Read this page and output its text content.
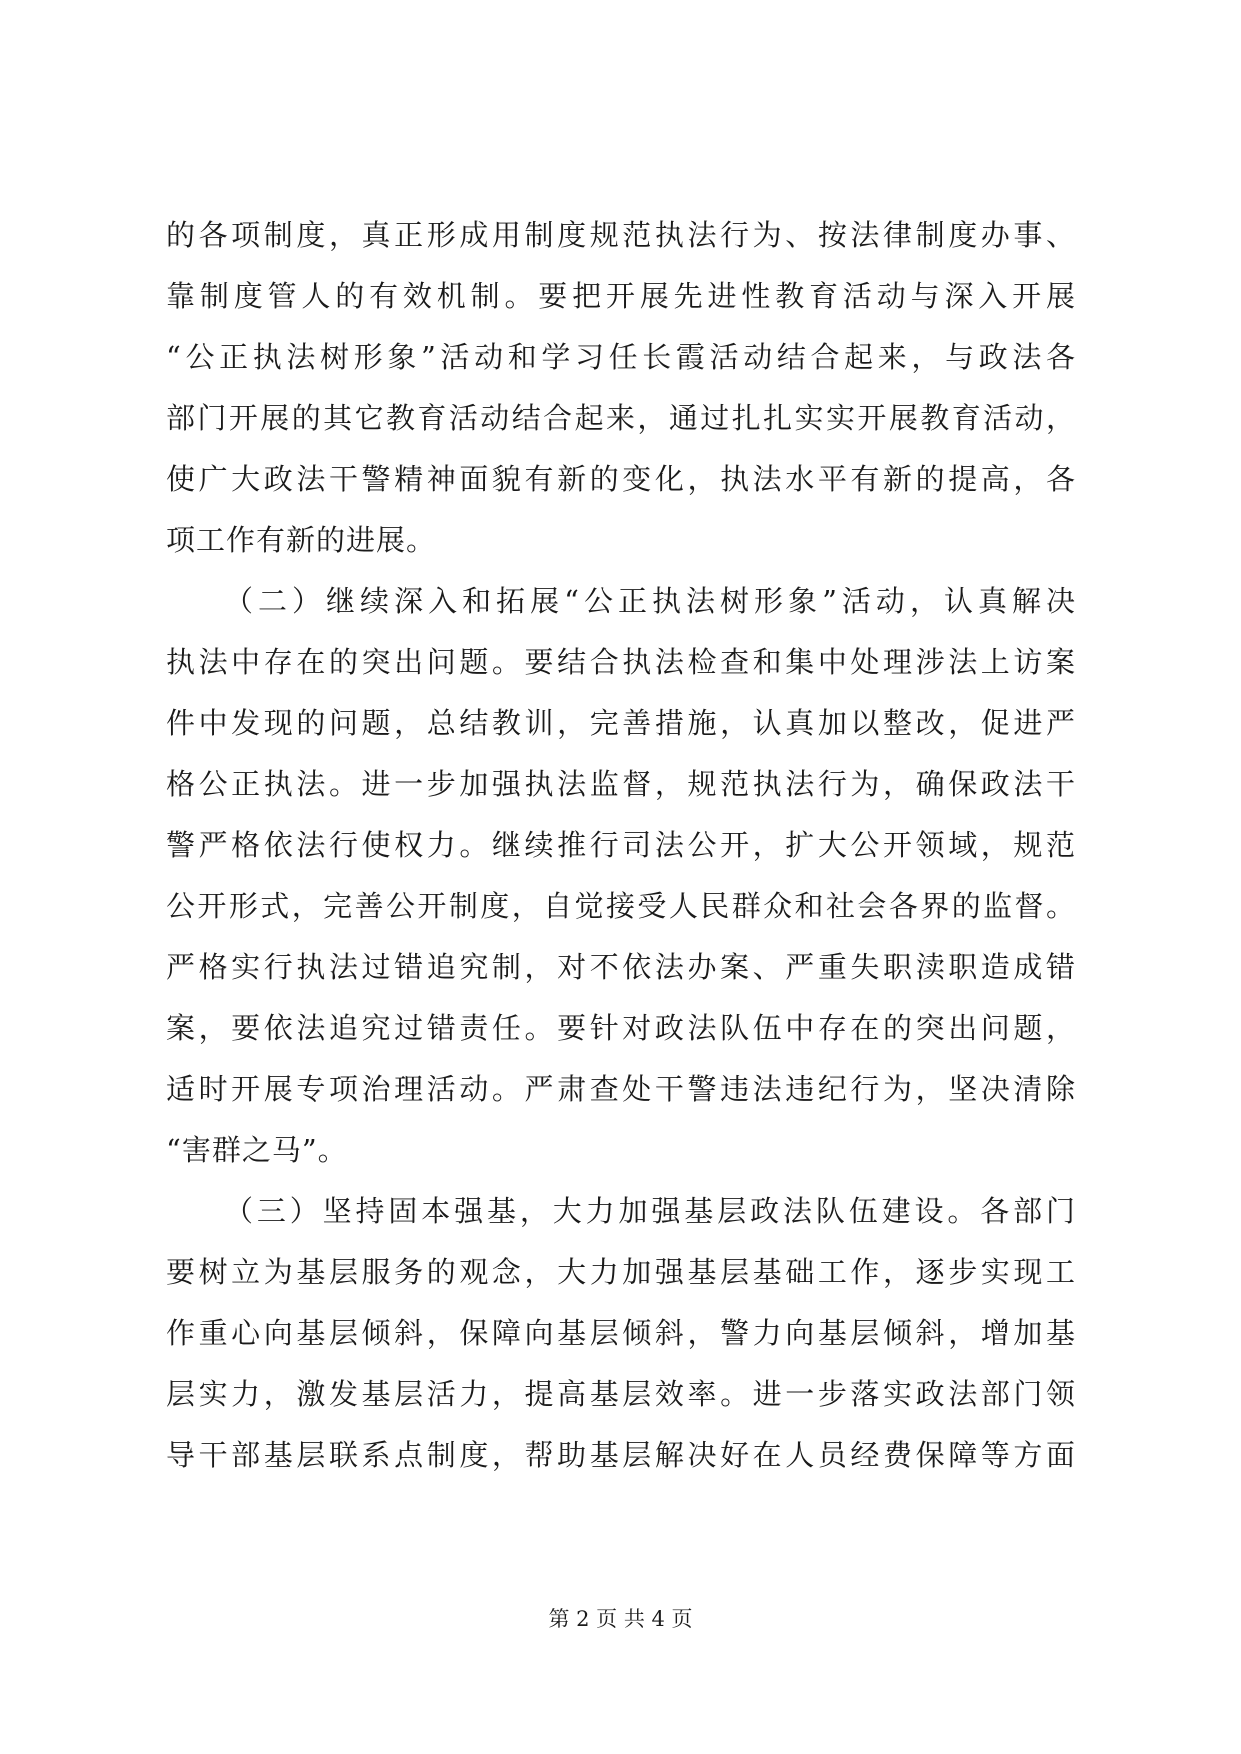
的各项制度，真正形成用制度规范执法行为、按法律制度办事、
靠制度管人的有效机制。要把开展先进性教育活动与深入开展
“公正执法树形象”活动和学习任长霞活动结合起来，与政法各
部门开展的其它教育活动结合起来，通过扎扎实实开展教育活动，
使广大政法干警精神面貌有新的变化，执法水平有新的提高，各
项工作有新的进展。
（二）继续深入和拓展“公正执法树形象”活动，认真解决
执法中存在的突出问题。要结合执法检查和集中处理涉法上访案
件中发现的问题，总结教训，完善措施，认真加以整改，促进严
格公正执法。进一步加强执法监督，规范执法行为，确保政法干
警严格依法行使权力。继续推行司法公开，扩大公开领域，规范
公开形式，完善公开制度，自觉接受人民群众和社会各界的监督。
严格实行执法过错追究制，对不依法办案、严重失职渎职造成错
案，要依法追究过错责任。要针对政法队伍中存在的突出问题，
适时开展专项治理活动。严肃查处干警违法违纪行为，坚决清除
“害群之马”。
（三）坚持固本强基，大力加强基层政法队伍建设。各部门
要树立为基层服务的观念，大力加强基层基础工作，逐步实现工
作重心向基层倾斜，保障向基层倾斜，警力向基层倾斜，增加基
层实力，激发基层活力，提高基层效率。进一步落实政法部门领
导干部基层联系点制度，帮助基层解决好在人员经费保障等方面
第 2 页 共 4 页
